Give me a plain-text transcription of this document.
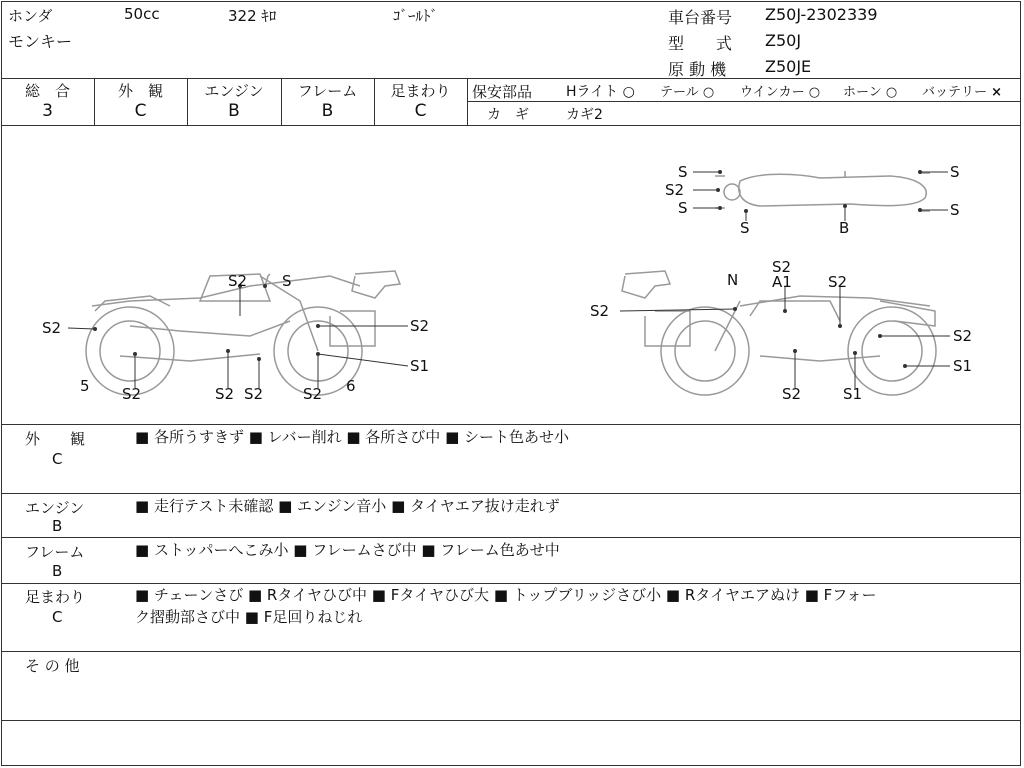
ホンダ	50cc	322 ｷﾛ	ｺﾞｰﾙﾄﾞ
モンキー
車台番号 Z50J-2302339
型　　式 Z50J
原 動 機 Z50JE
総　合
3
外　観
C
エンジン
B
フレーム
B
足まわり
C
保安部品 Hライト ○ テール ○ ウインカー ○ ホーン ○ バッテリー ×
カ　ギ	カギ2
S2
S2 S
S2
S1
5 S2	S2 S2	S2 6
S2
N
S2
A1 S2
S2
S1
S2	S1
S
S2
S
S	B
S
S
外　　観
C
■ 各所うすきず ■ レバー削れ ■ 各所さび中 ■ シート色あせ小
エンジン
B
■ 走行テスト未確認 ■ エンジン音小 ■ タイヤエア抜け走れず
フレーム
B
■ ストッパーへこみ小 ■ フレームさび中 ■ フレーム色あせ中
足まわり
C
■ チェーンさび ■ Rタイヤひび中 ■ Fタイヤひび大 ■ トップブリッジさび小 ■ Rタイヤエアぬけ ■ Fフォー
ク摺動部さび中 ■ F足回りねじれ
そ の 他
